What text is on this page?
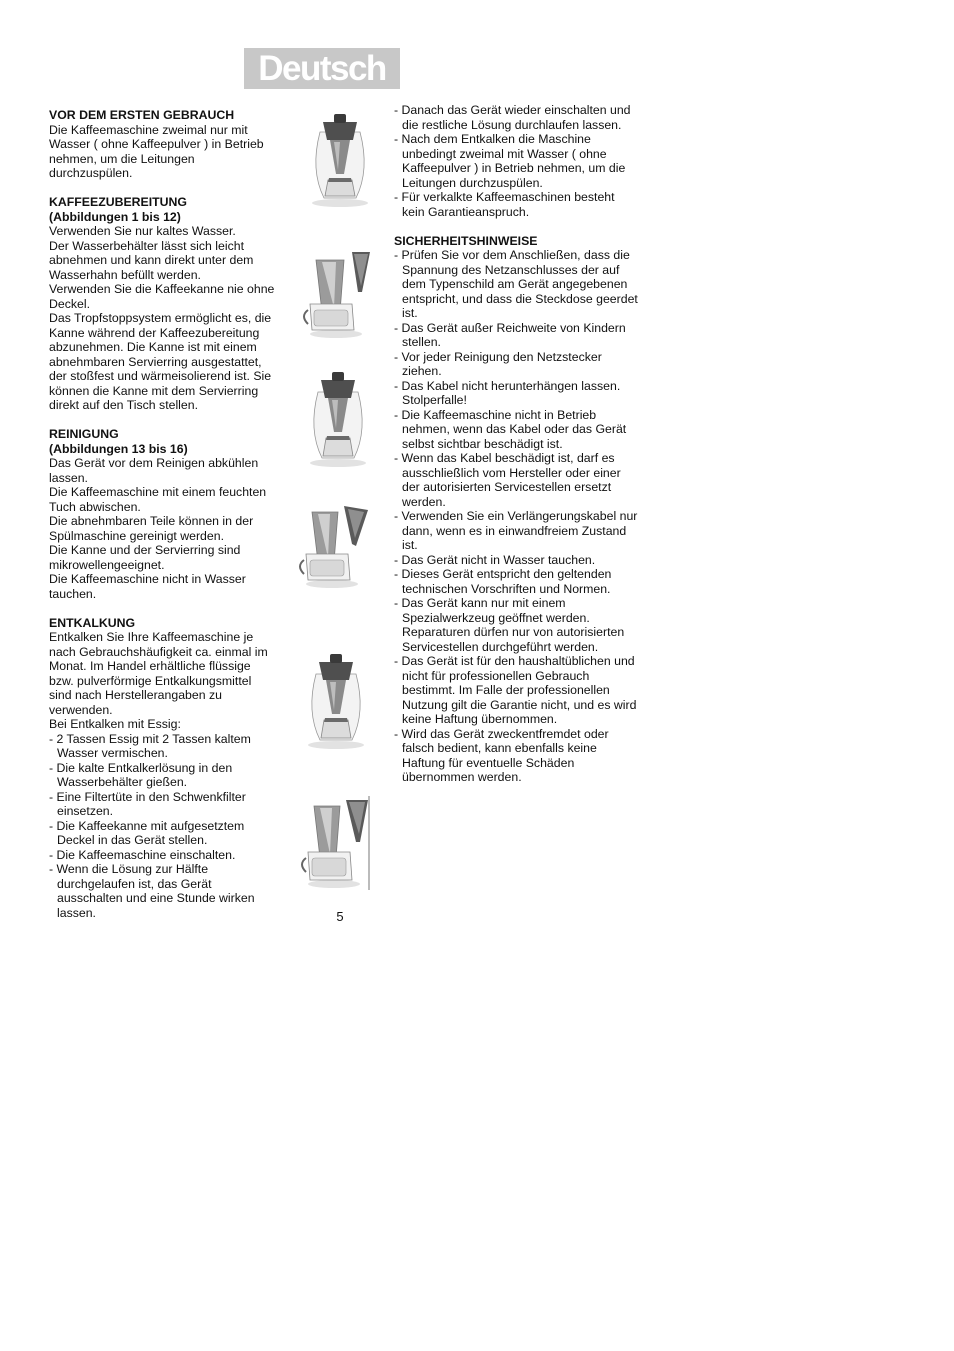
Deutsch
VOR DEM ERSTEN GEBRAUCH

Die Kaffeemaschine zweimal nur mit Wasser ( ohne Kaffeepulver ) in Betrieb nehmen, um die Leitungen durchzuspülen.

KAFFEEZUBEREITUNG

(Abbildungen 1 bis 12)

Verwenden Sie nur kaltes Wasser.

Der Wasserbehälter lässt sich leicht abnehmen und kann direkt unter dem Wasserhahn befüllt werden.

Verwenden Sie die Kaffeekanne nie ohne Deckel.

Das Tropfstoppsystem ermöglicht es, die Kanne während der Kaffeezubereitung abzunehmen. Die Kanne ist mit einem abnehmbaren Servierring ausgestattet, der stoßfest und wärmeisolierend ist. Sie können die Kanne mit dem Servierring direkt auf den Tisch stellen.

REINIGUNG

(Abbildungen 13 bis 16)

Das Gerät vor dem Reinigen abkühlen lassen.

Die Kaffeemaschine mit einem feuchten Tuch abwischen.

Die abnehmbaren Teile können in der Spülmaschine gereinigt werden.

Die Kanne und der Servierring sind mikrowellengeeignet.

Die Kaffeemaschine nicht in Wasser tauchen.

ENTKALKUNG

Entkalken Sie Ihre Kaffeemaschine je nach Gebrauchshäufigkeit ca. einmal im Monat. Im Handel erhältliche flüssige bzw. pulverförmige Entkalkungsmittel sind nach Herstellerangaben zu verwenden.

Bei Entkalken mit Essig:

- 2 Tassen Essig mit 2 Tassen kaltem Wasser vermischen.
- Die kalte Entkalkerlösung in den Wasserbehälter gießen.
- Eine Filtertüte in den Schwenkfilter einsetzen.
- Die Kaffeekanne mit aufgesetztem Deckel in das Gerät stellen.
- Die Kaffeemaschine einschalten.
- Wenn die Lösung zur Hälfte durchgelaufen ist, das Gerät ausschalten und eine Stunde wirken lassen.
- Danach das Gerät wieder einschalten und die restliche Lösung durchlaufen lassen.
- Nach dem Entkalken die Maschine unbedingt zweimal mit Wasser ( ohne Kaffeepulver ) in Betrieb nehmen, um die Leitungen durchzuspülen.
- Für verkalkte Kaffeemaschinen besteht kein Garantieanspruch.
SICHERHEITSHINWEISE
- Prüfen Sie vor dem Anschließen, dass die Spannung des Netzanschlusses der auf dem Typenschild am Gerät angegebenen entspricht, und dass die Steckdose geerdet ist.
- Das Gerät außer Reichweite von Kindern stellen.
- Vor jeder Reinigung den Netzstecker ziehen.
- Das Kabel nicht herunterhängen lassen. Stolperfalle!
- Die Kaffeemaschine nicht in Betrieb nehmen, wenn das Kabel oder das Gerät selbst sichtbar beschädigt ist.
- Wenn das Kabel beschädigt ist, darf es ausschließlich vom Hersteller oder einer der autorisierten Servicestellen ersetzt werden.
- Verwenden Sie ein Verlängerungskabel nur dann, wenn es in einwandfreiem Zustand ist.
- Das Gerät nicht in Wasser tauchen.
- Dieses Gerät entspricht den geltenden technischen Vorschriften und Normen.
- Das Gerät kann nur mit einem Spezialwerkzeug geöffnet werden. Reparaturen dürfen nur von autorisierten Servicestellen durchgeführt werden.
- Das Gerät ist für den haushaltüblichen und nicht für professionellen Gebrauch bestimmt. Im Falle der professionellen Nutzung gilt die Garantie nicht, und es wird keine Haftung übernommen.
- Wird das Gerät zweckentfremdet oder falsch bedient, kann ebenfalls keine Haftung für eventuelle Schäden übernommen werden.
5
